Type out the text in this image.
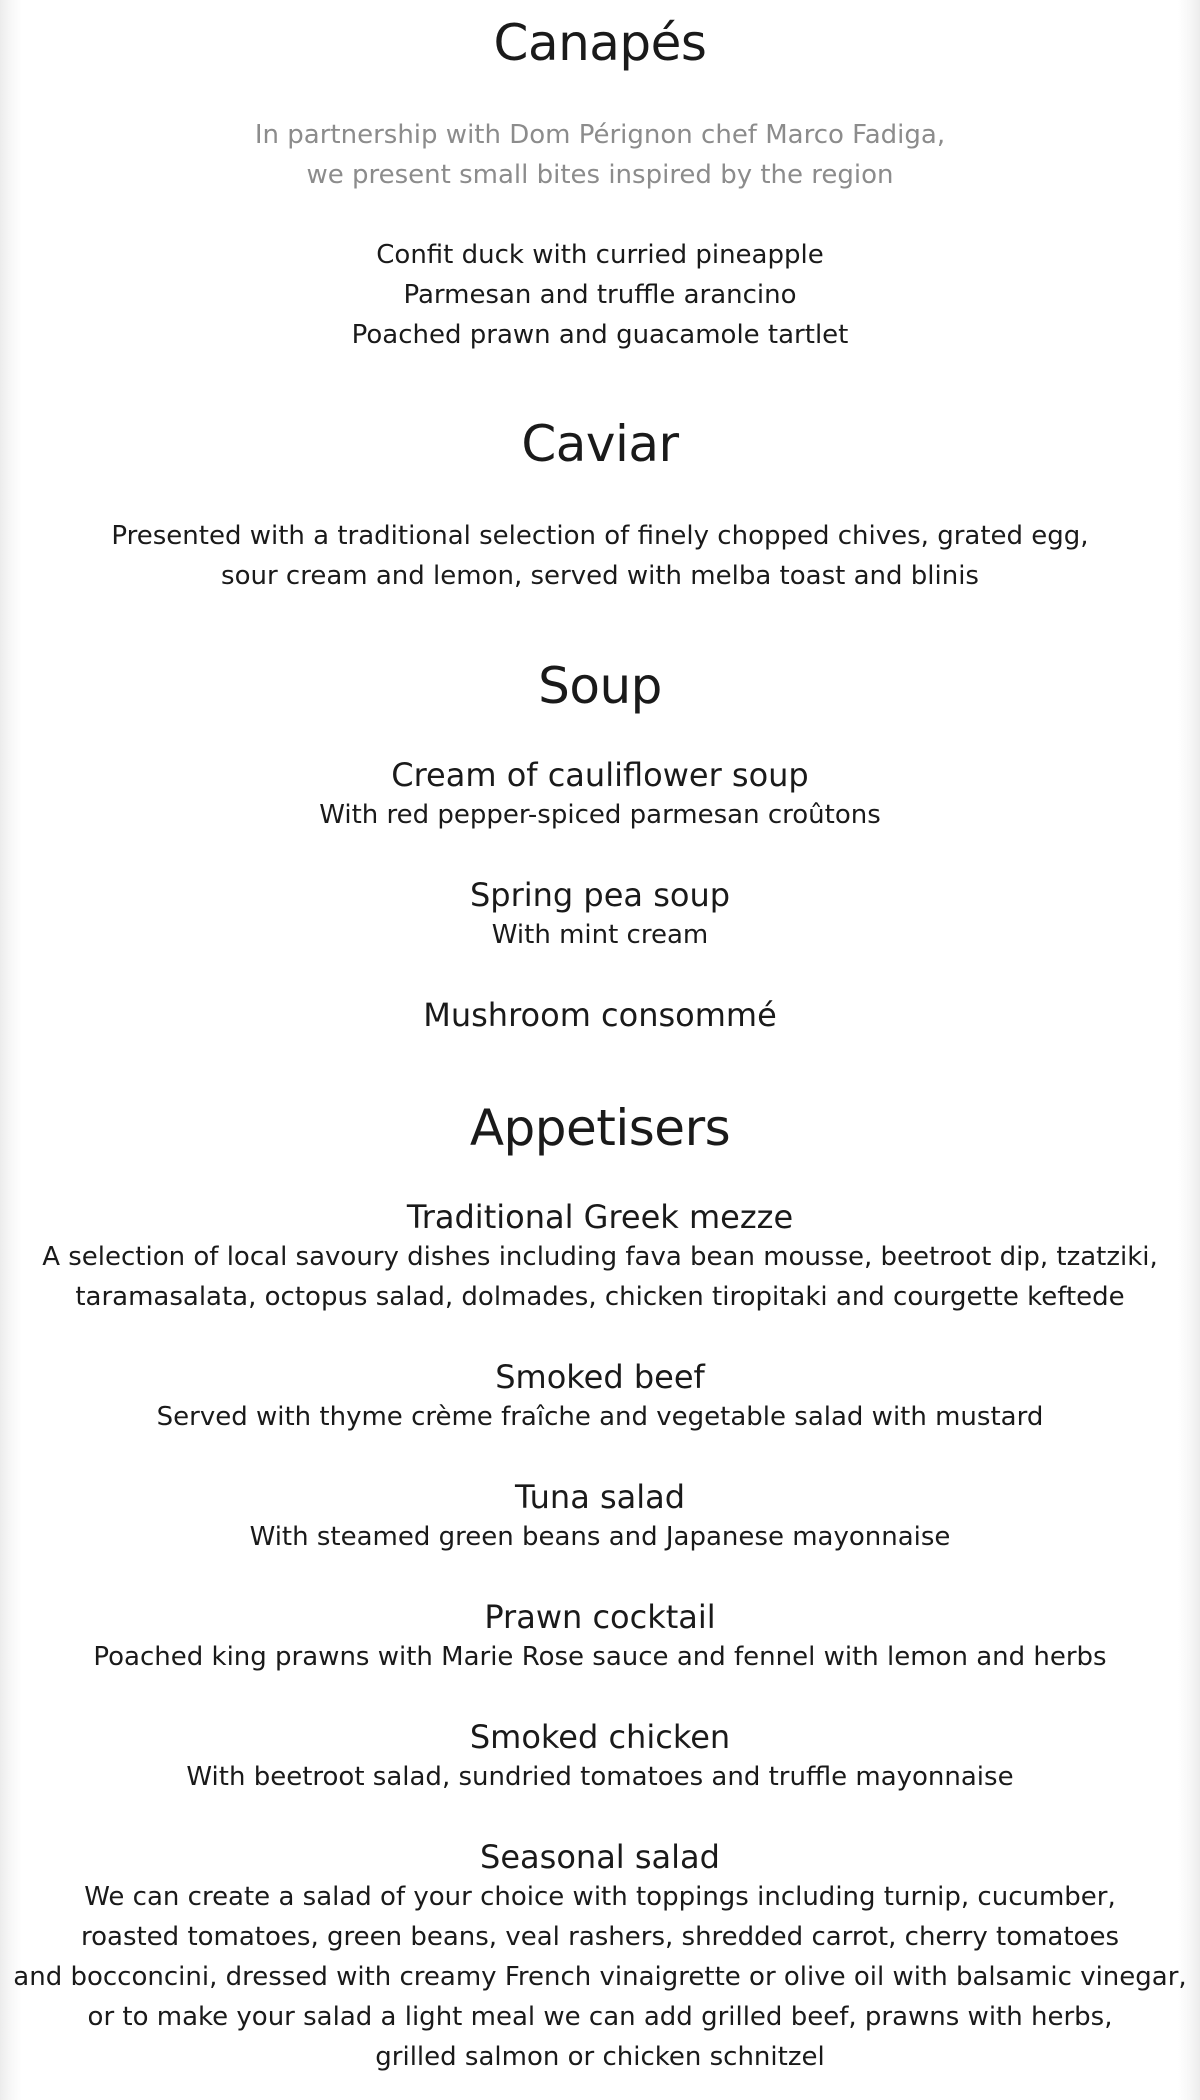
Canapés

In partnership with Dom Pérignon chef Marco Fadiga,

we present small bites inspired by the region

Confit duck with curried pineapple

Parmesan and truffle arancino

Poached prawn and guacamole tartlet

Caviar

Presented with a traditional selection of finely chopped chives, grated egg,

sour cream and lemon, served with melba toast and blinis

Soup

Cream of cauliflower soup

With red pepper-spiced parmesan croûtons

Spring pea soup

With mint cream

Mushroom consommé

Appetisers

Traditional Greek mezze

A selection of local savoury dishes including fava bean mousse, beetroot dip, tzatziki,

taramasalata, octopus salad, dolmades, chicken tiropitaki and courgette keftede

Smoked beef

Served with thyme crème fraîche and vegetable salad with mustard

Tuna salad

With steamed green beans and Japanese mayonnaise

Prawn cocktail

Poached king prawns with Marie Rose sauce and fennel with lemon and herbs

Smoked chicken

With beetroot salad, sundried tomatoes and truffle mayonnaise

Seasonal salad

We can create a salad of your choice with toppings including turnip, cucumber,

roasted tomatoes, green beans, veal rashers, shredded carrot, cherry tomatoes

and bocconcini, dressed with creamy French vinaigrette or olive oil with balsamic vinegar,

or to make your salad a light meal we can add grilled beef, prawns with herbs,

grilled salmon or chicken schnitzel
